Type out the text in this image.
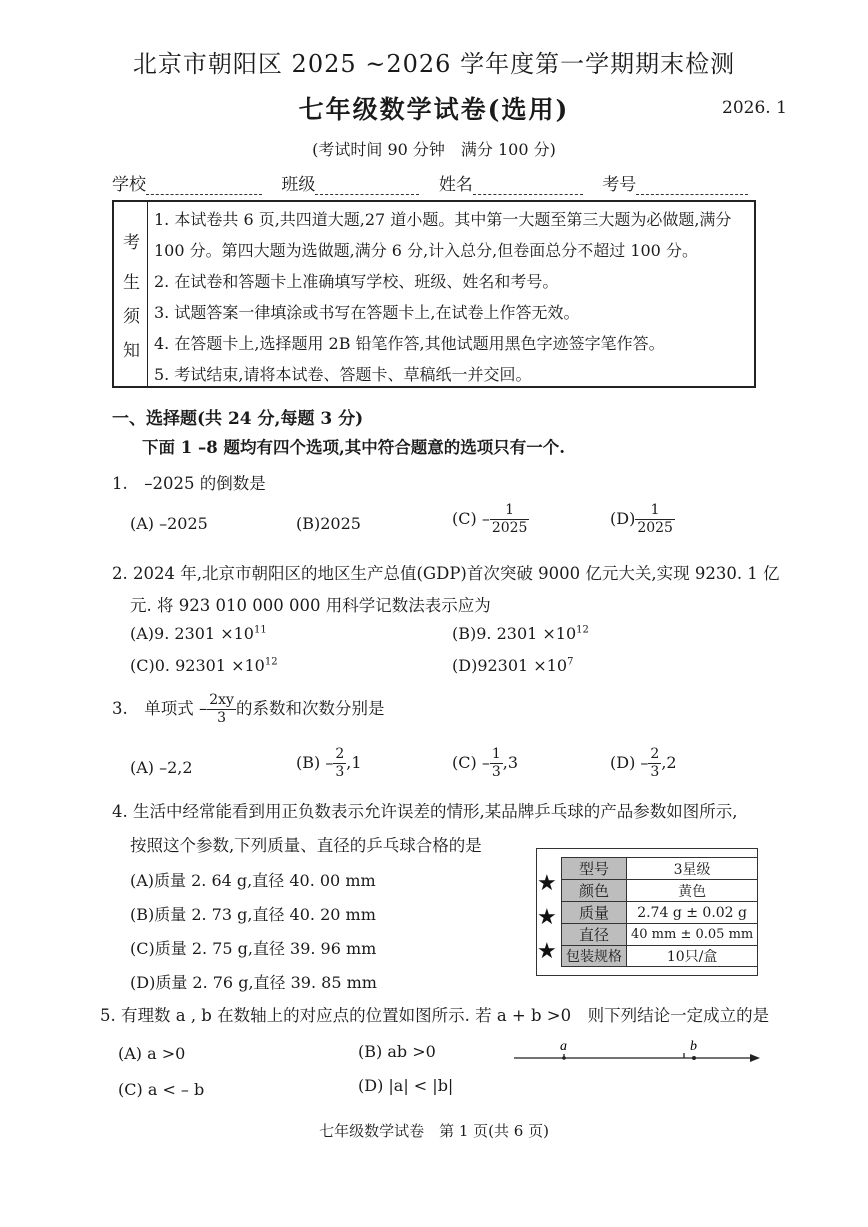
北京市朝阳区 2025 ~2026 学年度第一学期期末检测
七年级数学试卷(选用)	2026. 1
(考试时间 90 分钟　满分 100 分)
学校	班级	姓名	考号
考
生
须
知
1. 本试卷共 6 页,共四道大题,27 道小题。其中第一大题至第三大题为必做题,满分
100 分。第四大题为选做题,满分 6 分,计入总分,但卷面总分不超过 100 分。
2. 在试卷和答题卡上准确填写学校、班级、姓名和考号。
3. 试题答案一律填涂或书写在答题卡上,在试卷上作答无效。
4. 在答题卡上,选择题用 2B 铅笔作答,其他试题用黑色字迹签字笔作答。
5. 考试结束,请将本试卷、答题卡、草稿纸一并交回。
一、选择题(共 24 分,每题 3 分)
下面 1 –8 题均有四个选项,其中符合题意的选项只有一个.
1.　–2025 的倒数是
(A) –2025	(B)2025	$(C) - \frac{1}{2025}$	$(D) \frac{1}{2025}$
2. 2024 年,北京市朝阳区的地区生产总值(GDP)首次突破 9000 亿元大关,实现 9230. 1 亿
元. 将 923 010 000 000 用科学记数法表示应为
(A)9. $2301 \times 10^{11}$	(B)9. $2301 \times 10^{12}$
(C)0. $92301 \times 10^{12}$	$(D)92301 \times 10^7$
3.　单项式 – $\frac{2xy}{3}$ 的系数和次数分别是
(A) –2,2	$(B) - \frac{2}{3} ,1$	$(C) - \frac{1}{3} ,3$	$(D) - \frac{2}{3} ,2$
4. 生活中经常能看到用正负数表示允许误差的情形,某品牌乒乓球的产品参数如图所示,
按照这个参数,下列质量、直径的乒乓球合格的是
(A)质量 2. 64 g,直径 40. 00 mm
(B)质量 2. 73 g,直径 40. 20 mm
(C)质量 2. 75 g,直径 39. 96 mm
(D)质量 2. 76 g,直径 39. 85 mm
★
★
★
型号	3星级
颜色	黄色
质量	2.74 g ± 0.02 g
直径	40 mm ± 0.05 mm
包装规格	10只/盒
5. 有理数 a , b 在数轴上的对应点的位置如图所示. 若 a + b >0　则下列结论一定成立的是
(A) a >0	(B) ab >0
(C) a < – b	(D) |a| < |b|
a	b
七年级数学试卷　第 1 页(共 6 页)
